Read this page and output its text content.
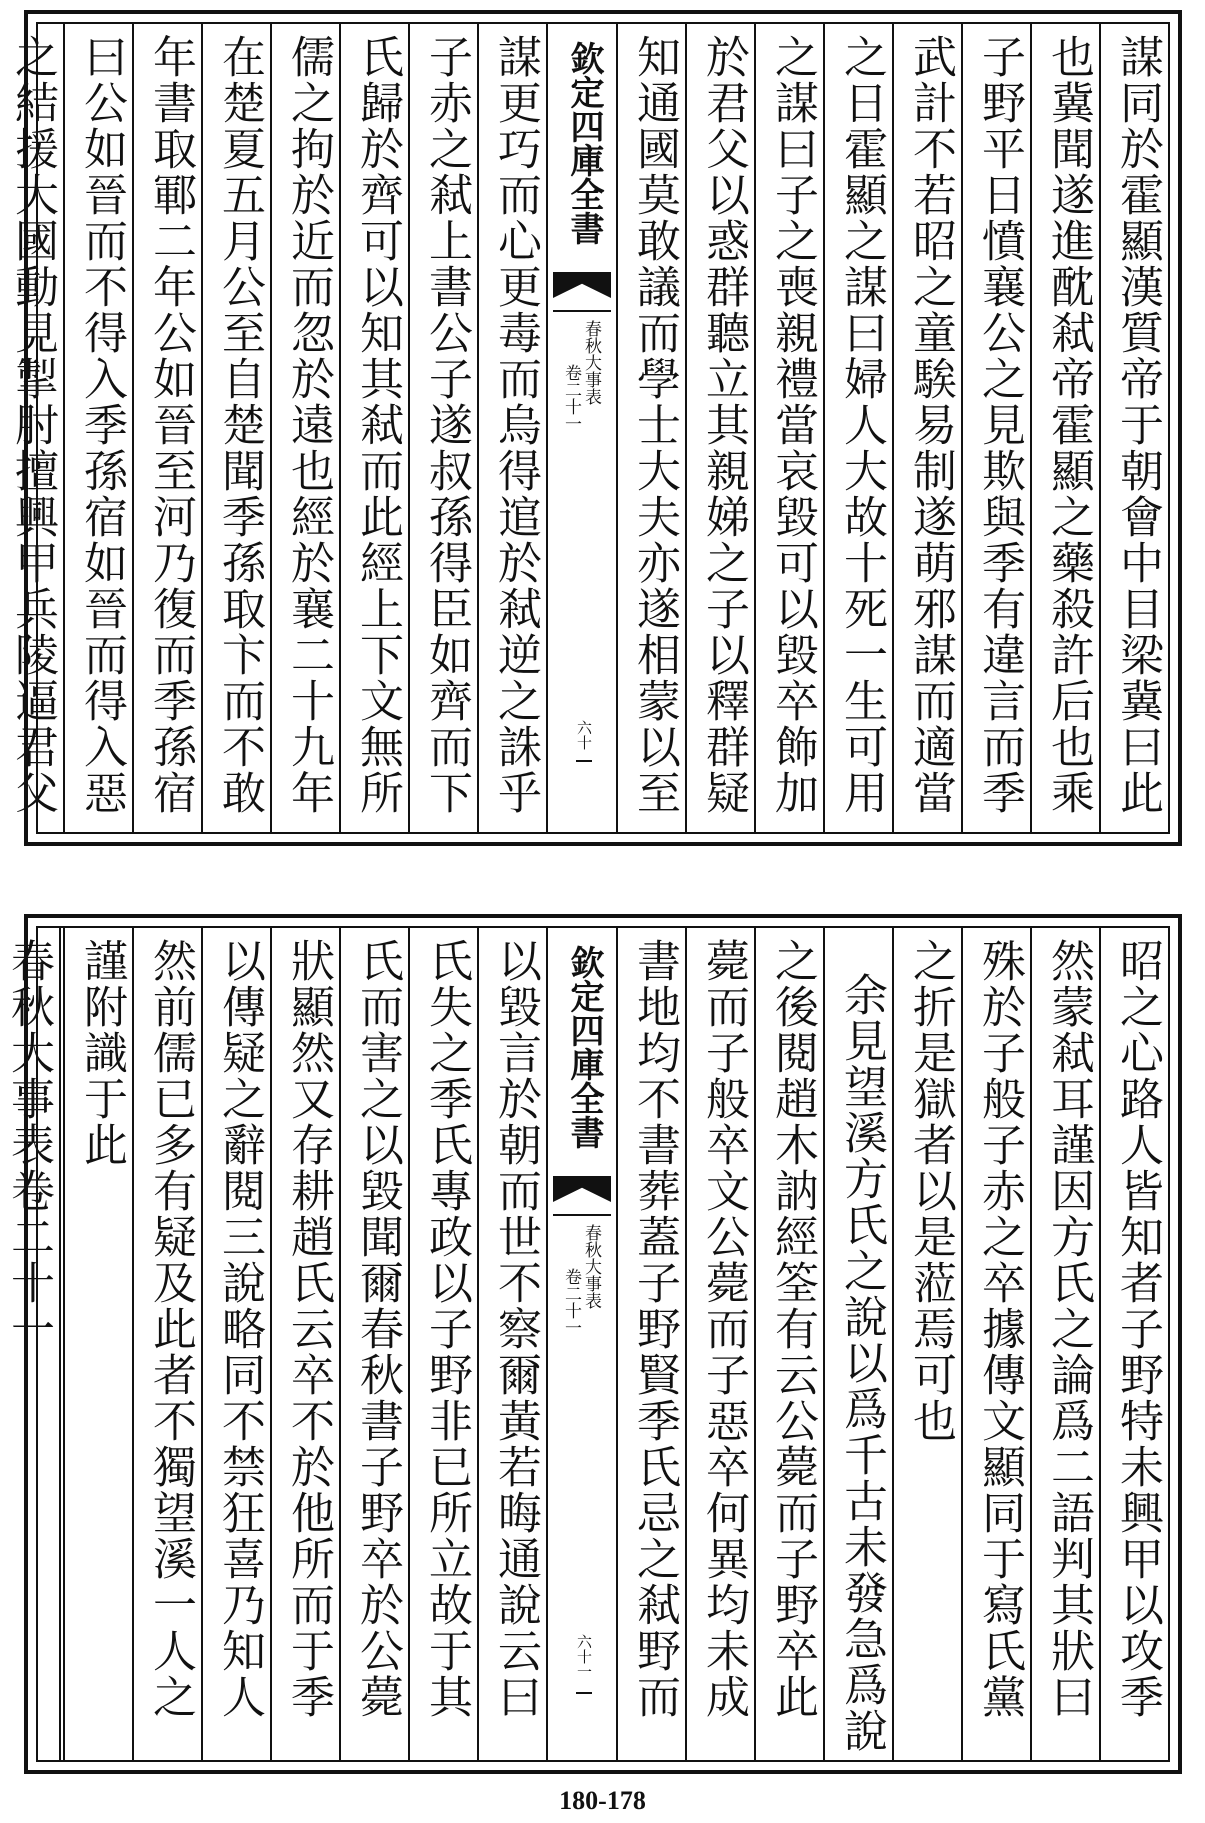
謀同於霍顯漢質帝于朝會中目梁冀曰此
也冀聞遂進酖弒帝霍顯之藥殺許后也乘
子野平日憤襄公之見欺與季有違言而季
武計不若昭之童騃易制遂萌邪謀而適當
之日霍顯之謀曰婦人大故十死一生可用
之謀曰子之喪親禮當哀毀可以毀卒飾加
於君父以惑群聽立其親娣之子以釋群疑
知通國莫敢議而學士大夫亦遂相蒙以至
欽定四庫全書
春秋大事表
卷二十一
六十
謀更巧而心更毒而烏得逭於弒逆之誅乎
子赤之弒上書公子遂叔孫得臣如齊而下
氏歸於齊可以知其弒而此經上下文無所
儒之拘於近而忽於遠也經於襄二十九年
在楚夏五月公至自楚聞季孫取卞而不敢
年書取鄆二年公如晉至河乃復而季孫宿
曰公如晉而不得入季孫宿如晉而得入惡
之結援大國動見掣肘擅興甲兵陵逼君父
昭之心路人皆知者子野特未興甲以攻季
然蒙弒耳謹因方氏之論爲二語判其狀曰
殊於子般子赤之卒據傳文顯同于寫氏黨
之折是獄者以是蒞焉可也
余見望溪方氏之說以爲千古未發急爲說
之後閱趙木訥經筌有云公薨而子野卒此
薨而子般卒文公薨而子惡卒何異均未成
書地均不書葬蓋子野賢季氏忌之弒野而
欽定四庫全書
春秋大事表
卷二十一
六十一
以毀言於朝而世不察爾黃若晦通說云曰
氏失之季氏專政以子野非已所立故于其
氏而害之以毀聞爾春秋書子野卒於公薨
狀顯然又存耕趙氏云卒不於他所而于季
以傳疑之辭閱三說略同不禁狂喜乃知人
然前儒已多有疑及此者不獨望溪一人之
謹附識于此
春秋大事表卷二十一
180-178
